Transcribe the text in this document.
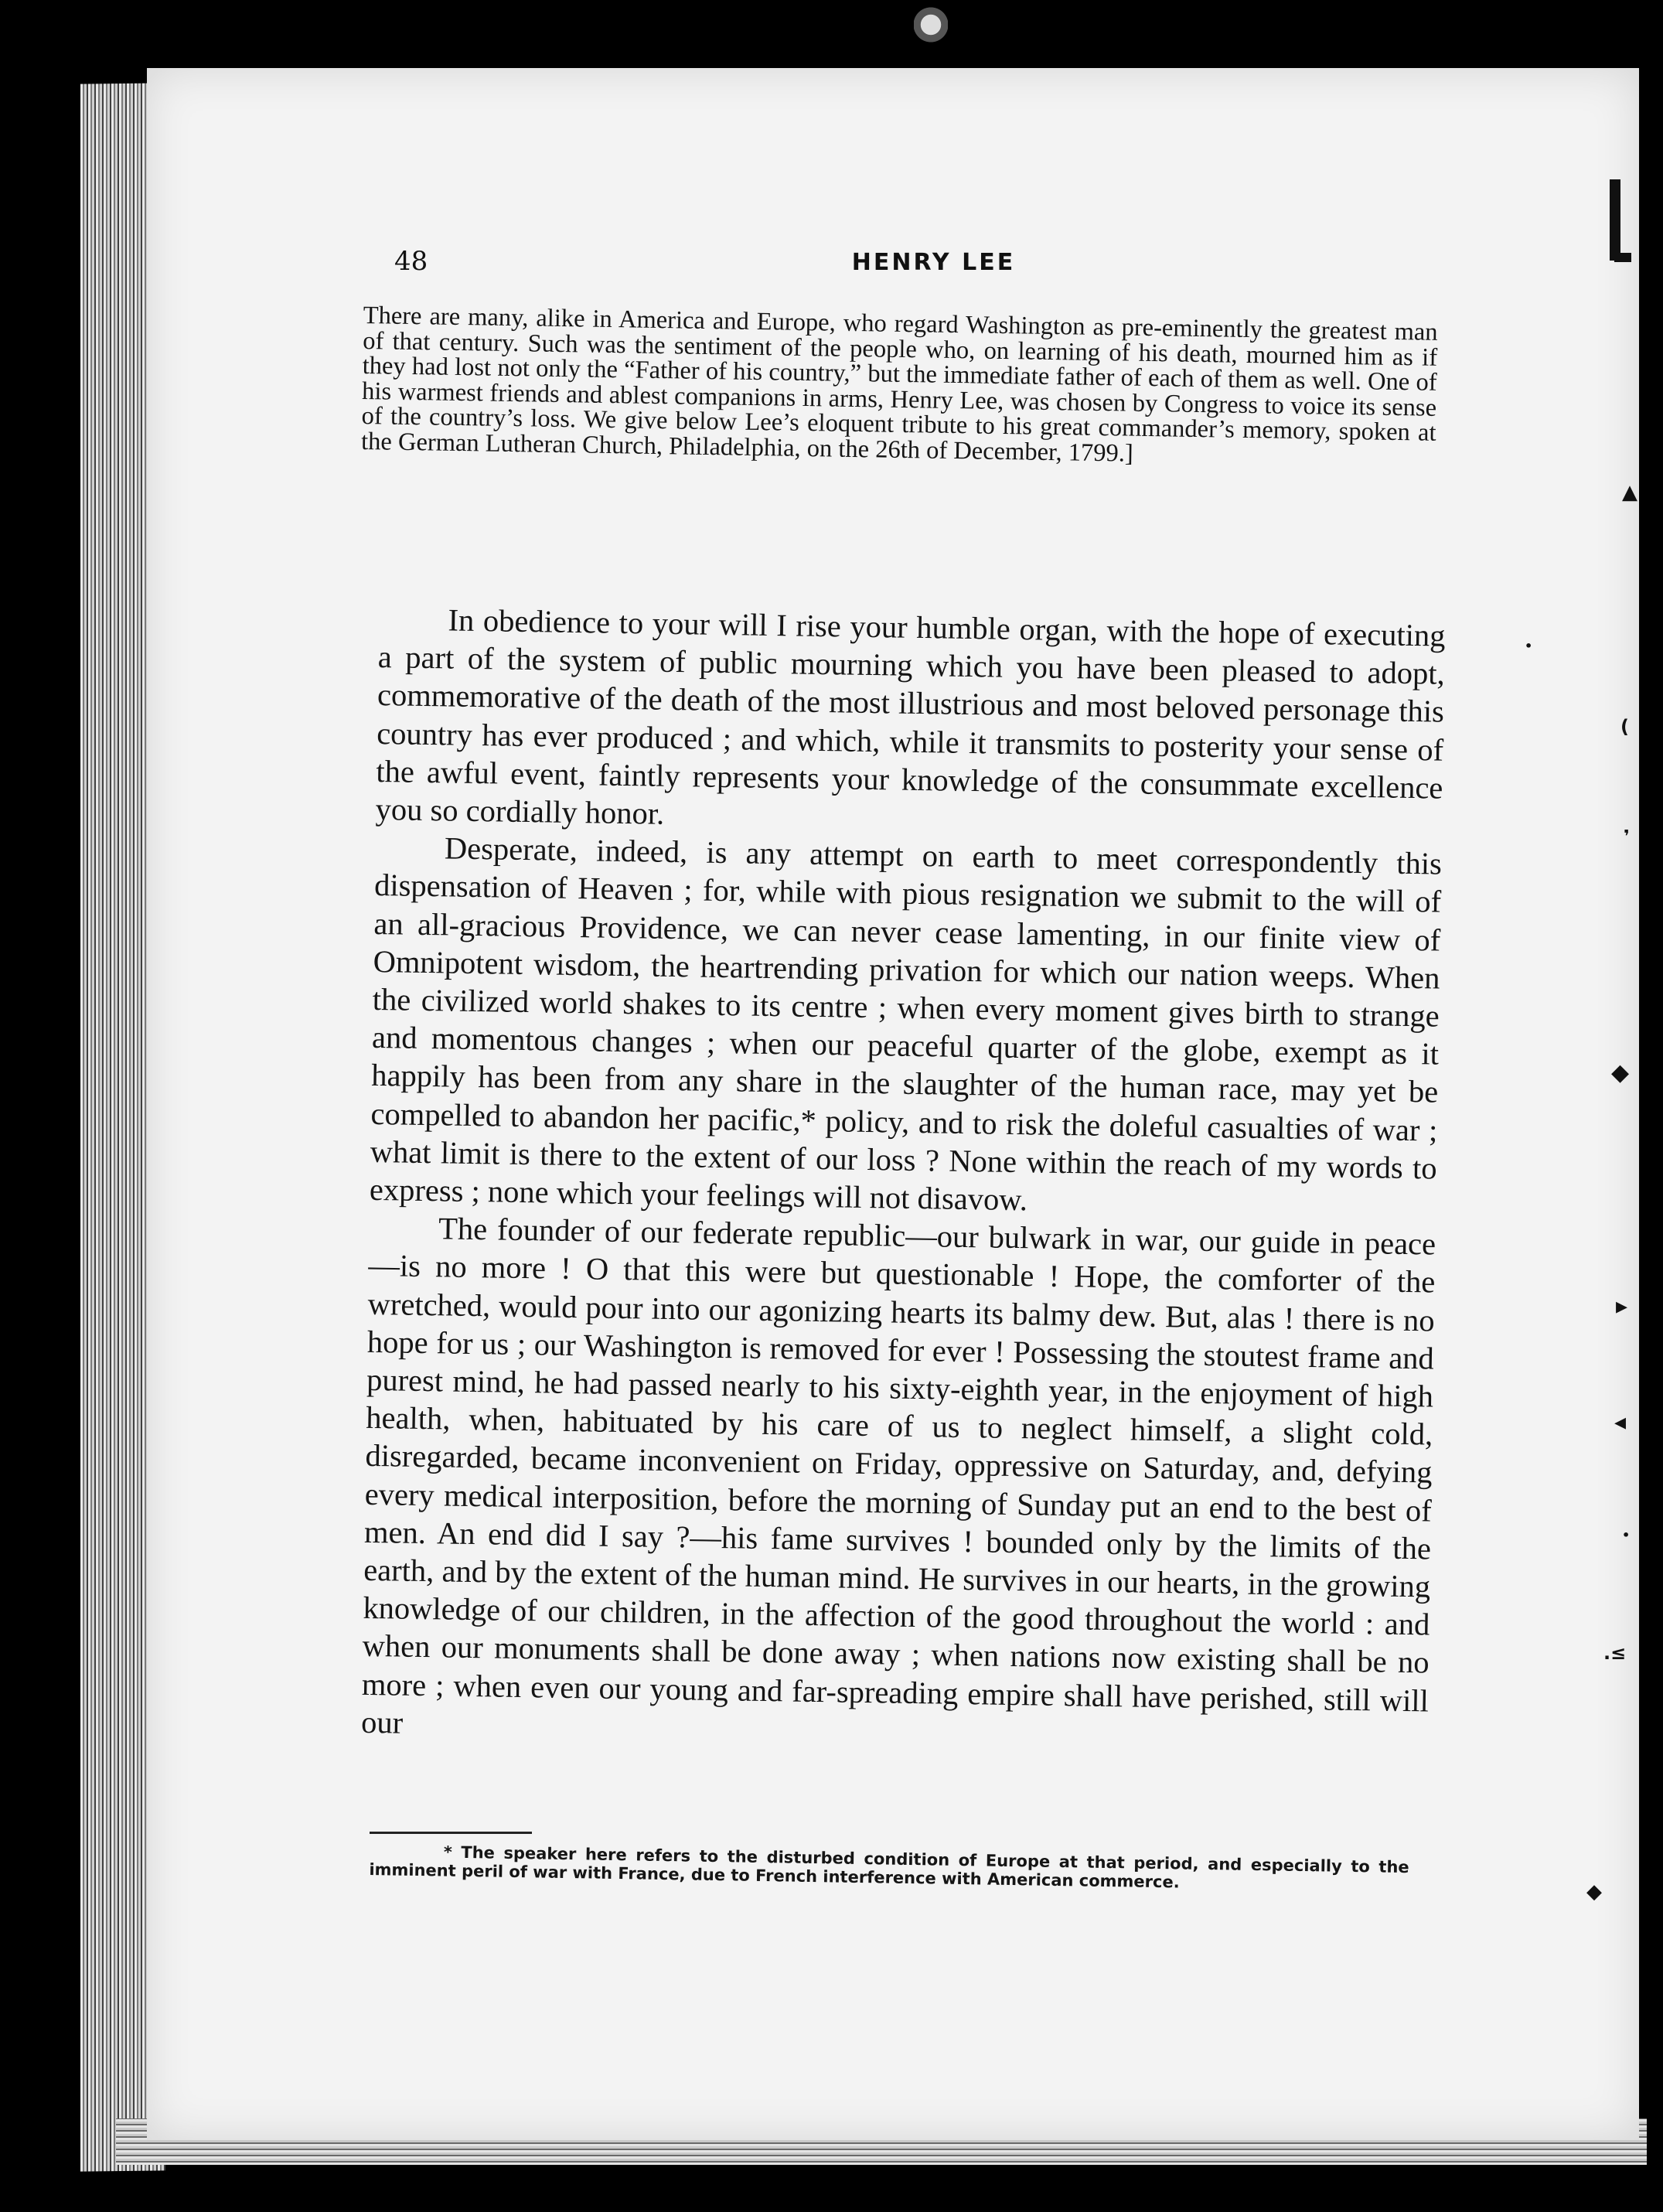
48	HENRY LEE
There are many, alike in America and Europe, who regard Washington as pre-eminently the greatest man of that century. Such was the sentiment of the people who, on learning of his death, mourned him as if they had lost not only the “Father of his country,” but the immediate father of each of them as well. One of his warmest friends and ablest companions in arms, Henry Lee, was chosen by Congress to voice its sense of the country’s loss. We give below Lee’s eloquent tribute to his great commander’s memory, spoken at the German Lutheran Church, Philadelphia, on the 26th of December, 1799.]

In obedience to your will I rise your humble organ, with the hope of executing a part of the system of public mourning which you have been pleased to adopt, commemorative of the death of the most illustrious and most beloved personage this country has ever produced ; and which, while it transmits to posterity your sense of the awful event, faintly represents your knowledge of the consummate excellence you so cordially honor.

Desperate, indeed, is any attempt on earth to meet correspondently this dispensation of Heaven ; for, while with pious resignation we submit to the will of an all-gracious Providence, we can never cease lamenting, in our finite view of Omnipotent wisdom, the heartrending privation for which our nation weeps. When the civilized world shakes to its centre ; when every moment gives birth to strange and momentous changes ; when our peaceful quarter of the globe, exempt as it happily has been from any share in the slaughter of the human race, may yet be compelled to abandon her pacific,* policy, and to risk the doleful casualties of war ; what limit is there to the extent of our loss ? None within the reach of my words to express ; none which your feelings will not disavow.

The founder of our federate republic—our bulwark in war, our guide in peace—is no more ! O that this were but questionable ! Hope, the comforter of the wretched, would pour into our agonizing hearts its balmy dew. But, alas ! there is no hope for us ; our Washington is removed for ever ! Possessing the stoutest frame and purest mind, he had passed nearly to his sixty-eighth year, in the enjoyment of high health, when, habituated by his care of us to neglect himself, a slight cold, disregarded, became inconvenient on Friday, oppressive on Saturday, and, defying every medical interposition, before the morning of Sunday put an end to the best of men. An end did I say ?—his fame survives ! bounded only by the limits of the earth, and by the extent of the human mind. He survives in our hearts, in the growing knowledge of our children, in the affection of the good throughout the world : and when our monuments shall be done away ; when nations now existing shall be no more ; when even our young and far-spreading empire shall have perished, still will our

* The speaker here refers to the disturbed condition of Europe at that period, and especially to the imminent peril of war with France, due to French interference with American commerce.
▲
•
(
❜
◆
▸
◂
•
.≤
◆
